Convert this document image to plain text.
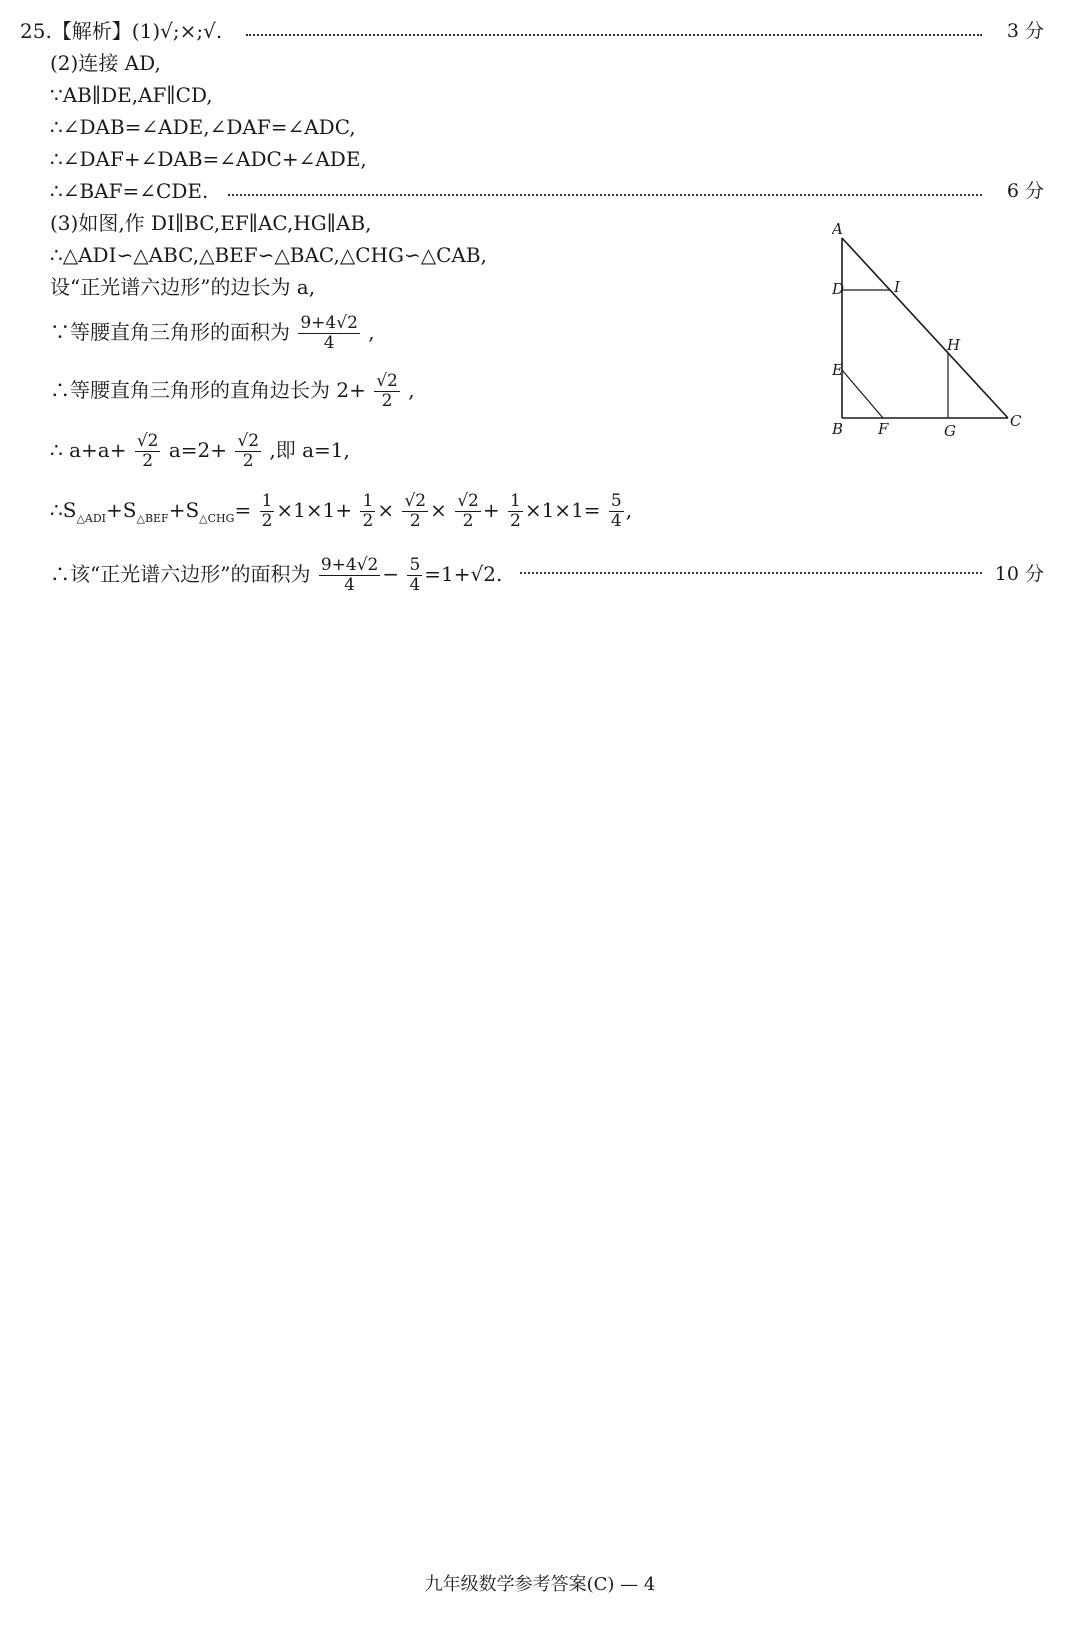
25.【解析】(1)√;×;√.	3 分
(2)连接 AD,
∵AB∥DE,AF∥CD,
∴∠DAB=∠ADE,∠DAF=∠ADC,
∴∠DAF+∠DAB=∠ADC+∠ADE,
∴∠BAF=∠CDE.	6 分
(3)如图,作 DI∥BC,EF∥AC,HG∥AB,
∴△ADI∽△ABC,△BEF∽△BAC,△CHG∽△CAB,
设“正光谱六边形”的边长为 a,
∵等腰直角三角形的面积为 $\frac{9+4√2}{4}$ ,
∴等腰直角三角形的直角边长为 $2+ \frac{√2}{2}$ ,
∴ $a+a+ \frac{√2}{2} a=2+ \frac{√2}{2}$ ,即 a=1,
$\therefore S_{\triangle ADI}+S_{\triangle BEF}+S_{\triangle CHG}= \frac{1}{2} \times 1\times 1+ \frac{1}{2} \times \frac{√2}{2} \times \frac{√2}{2} + \frac{1}{2} \times 1\times 1= \frac{5}{4}$ ,
∴该“正光谱六边形”的面积为 $\frac{9+4√2}{4} - \frac{5}{4} =1+√2$.	10 分
A
D	I
H
E
B F	G
C
九年级数学参考答案(C) — 4
